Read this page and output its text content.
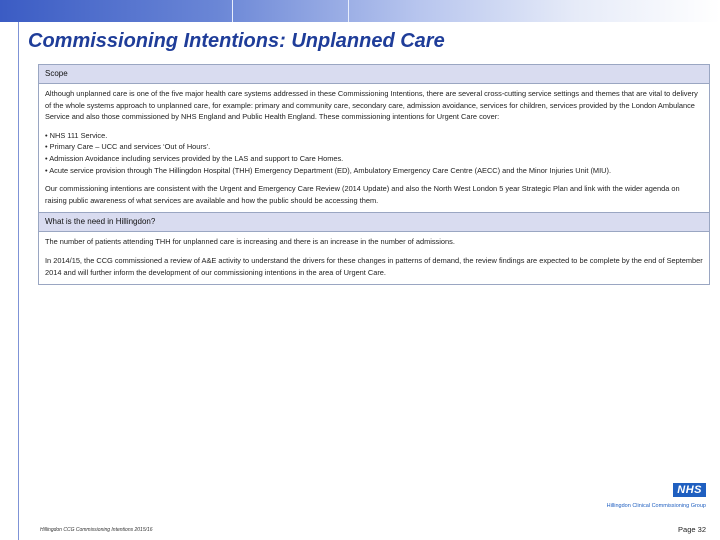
Commissioning Intentions: Unplanned Care
Scope

Although unplanned care is one of the five major health care systems addressed in these Commissioning Intentions, there are several cross-cutting service settings and themes that are vital to delivery of the whole systems approach to unplanned care, for example: primary and community care, secondary care, admission avoidance, services for children, services provided by the London Ambulance Service and also those commissioned by NHS England and Public Health England. These commissioning intentions for Urgent Care cover:

• NHS 111 Service.
• Primary Care – UCC and services ‘Out of Hours’.
• Admission Avoidance including services provided by the LAS and support to Care Homes.
• Acute service provision through The Hillingdon Hospital (THH) Emergency Department (ED), Ambulatory Emergency Care Centre (AECC) and the Minor Injuries Unit (MIU).

Our commissioning intentions are consistent with the Urgent and Emergency Care Review (2014 Update) and also the North West London 5 year Strategic Plan and link with the wider agenda on raising public awareness of what services are available and how the public should be accessing them.

What is the need in Hillingdon?

The number of patients attending THH for unplanned care is increasing and there is an increase in the number of admissions.

In 2014/15, the CCG commissioned a review of A&E activity to understand the drivers for these changes in patterns of demand, the review findings are expected to be complete by the end of September 2014 and will further inform the development of our commissioning intentions in the area of Urgent Care.

NHS
Hillingdon Clinical Commissioning Group
Hillingdon CCG Commissioning Intentions 2015/16	Page 32
